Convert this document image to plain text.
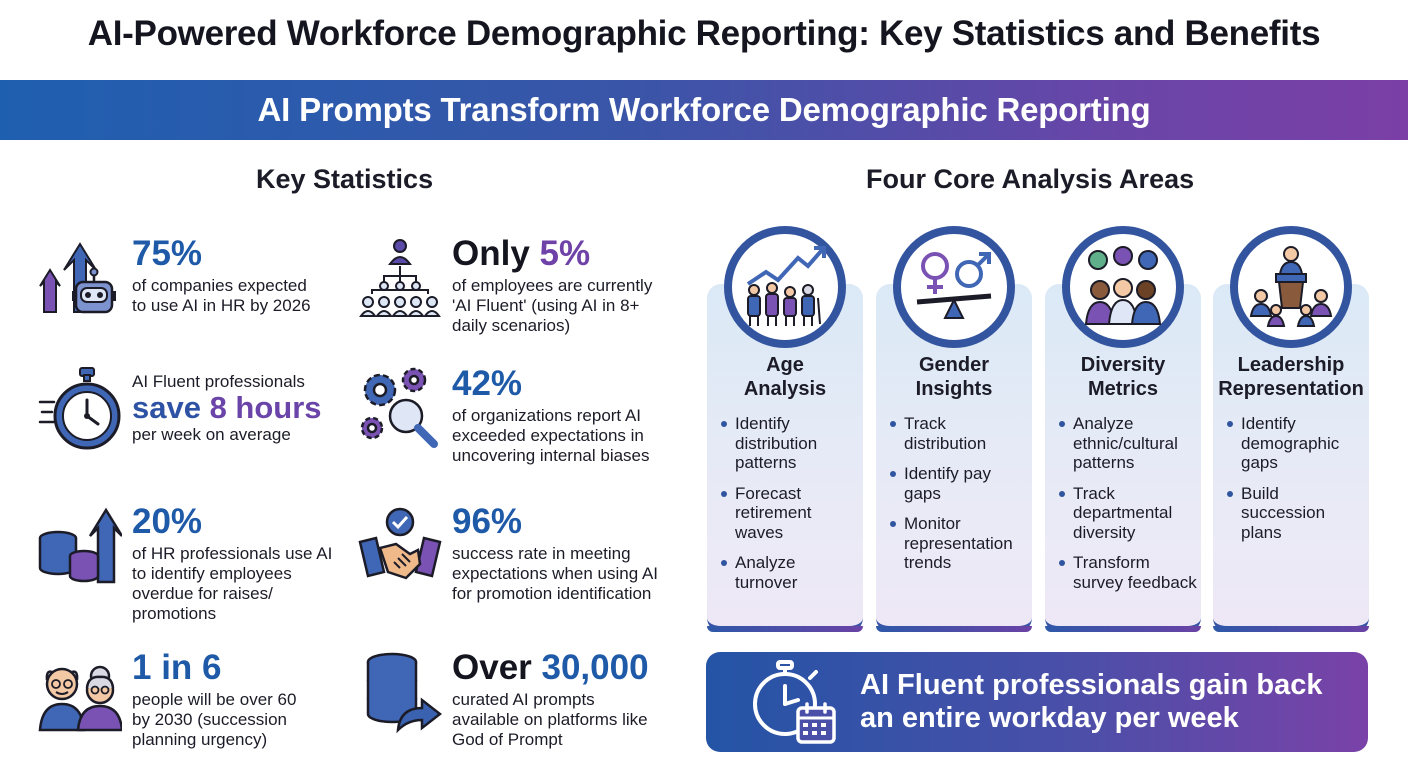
AI-Powered Workforce Demographic Reporting: Key Statistics and Benefits
AI Prompts Transform Workforce Demographic Reporting
Key Statistics	Four Core Analysis Areas
75%
of companies expected
to use AI in HR by 2026
Only 5%
of employees are currently
'AI Fluent' (using AI in 8+
daily scenarios)
AI Fluent professionals
save 8 hours
per week on average
42%
of organizations report AI
exceeded expectations in
uncovering internal biases
20%
of HR professionals use AI
to identify employees
overdue for raises/
promotions
96%
success rate in meeting
expectations when using AI
for promotion identification
1 in 6
people will be over 60
by 2030 (succession
planning urgency)
Over 30,000
curated AI prompts
available on platforms like
God of Prompt
Age
Analysis
Identify distribution patterns
Forecast retirement waves
Analyze turnover
Gender
Insights
Track distribution
Identify pay gaps
Monitor representation trends
Diversity
Metrics
Analyze ethnic/cultural patterns
Track departmental diversity
Transform survey feedback
Leadership
Representation
Identify demographic gaps
Build succession plans
AI Fluent professionals gain back
an entire workday per week
